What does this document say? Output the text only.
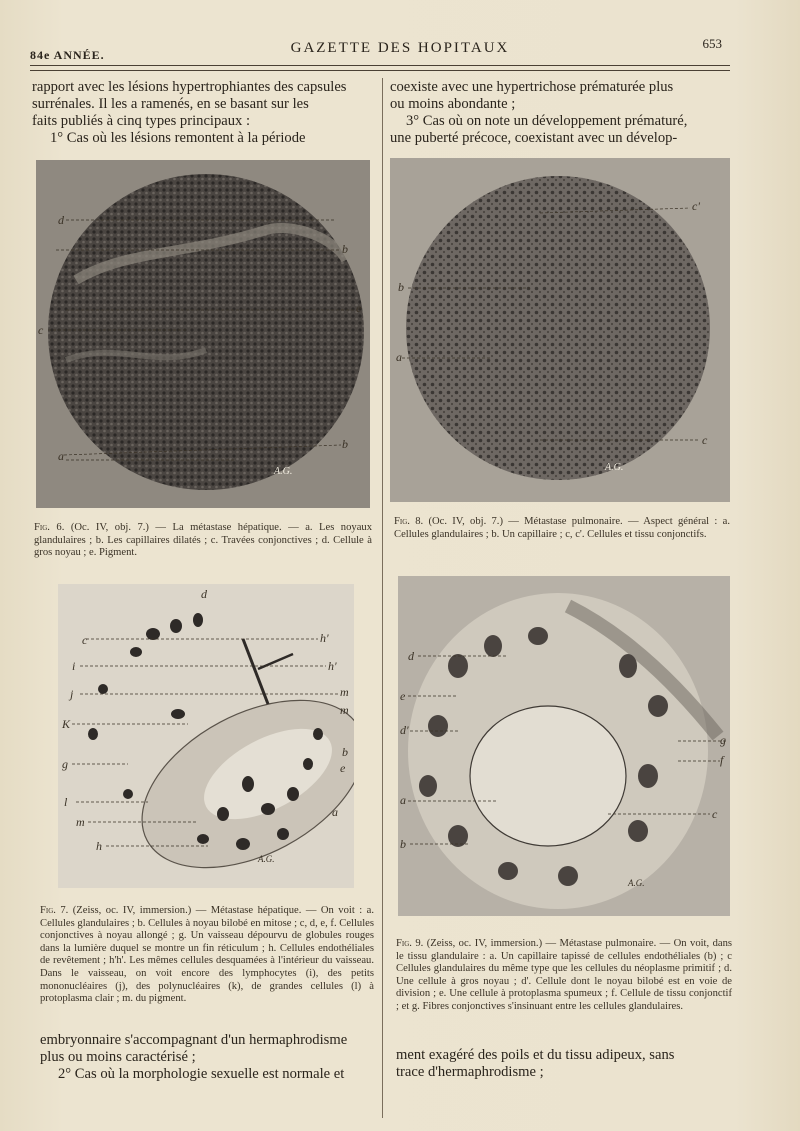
84e ANNÉE.	GAZETTE DES HOPITAUX	653

rapport avec les lésions hypertrophiantes des capsules

surrénales. Il les a ramenés, en se basant sur les

faits publiés à cinq types principaux :

1° Cas où les lésions remontent à la période

coexiste avec une hypertrichose prématurée plus

ou moins abondante ;

3° Cas où on note un développement prématuré,

une puberté précoce, coexistant avec un dévelop-

d
b
e
c
a
b
A.G.
Fig. 6. (Oc. IV, obj. 7.) — La métastase hépatique. — a. Les noyaux glandulaires ; b. Les capillaires dilatés ; c. Travées conjonctives ; d. Cellule à gros noyau ; e. Pigment.
c'
b
a
c
A.G.
Fig. 8. (Oc. IV, obj. 7.) — Métastase pulmonaire. — Aspect général : a. Cellules glandulaires ; b. Un capillaire ; c, c'. Cellules et tissu conjonctifs.
d
c	h'
i	h'
j	m
K
m
b
e
g
l
a
m
h
A.G.
Fig. 7. (Zeiss, oc. IV, immersion.) — Métastase hépatique. — On voit : a. Cellules glandulaires ; b. Cellules à noyau bilobé en mitose ; c, d, e, f. Cellules conjonctives à noyau allongé ; g. Un vaisseau dépourvu de globules rouges dans la lumière duquel se montre un fin réticulum ; h. Cellules endothéliales de revêtement ; h'h'. Les mêmes cellules desquamées à l'intérieur du vaisseau. Dans le vaisseau, on voit encore des lymphocytes (i), des petits mononucléaires (j), des polynucléaires (k), de grandes cellules (l) à protoplasma clair ; m. du pigment.
d
e
d'
g
f
a
c
b
A.G.
Fig. 9. (Zeiss, oc. IV, immersion.) — Métastase pulmonaire. — On voit, dans le tissu glandulaire : a. Un capillaire tapissé de cellules endothéliales (b) ; c Cellules glandulaires du même type que les cellules du néoplasme primitif ; d. Une cellule à gros noyau ; d'. Cellule dont le noyau bilobé est en voie de division ; e. Une cellule à protoplasma spumeux ; f. Cellule de tissu conjonctif ; et g. Fibres conjonctives s'insinuant entre les cellules glandulaires.

embryonnaire s'accompagnant d'un hermaphrodisme

plus ou moins caractérisé ;

2° Cas où la morphologie sexuelle est normale et

ment exagéré des poils et du tissu adipeux, sans

trace d'hermaphrodisme ;
